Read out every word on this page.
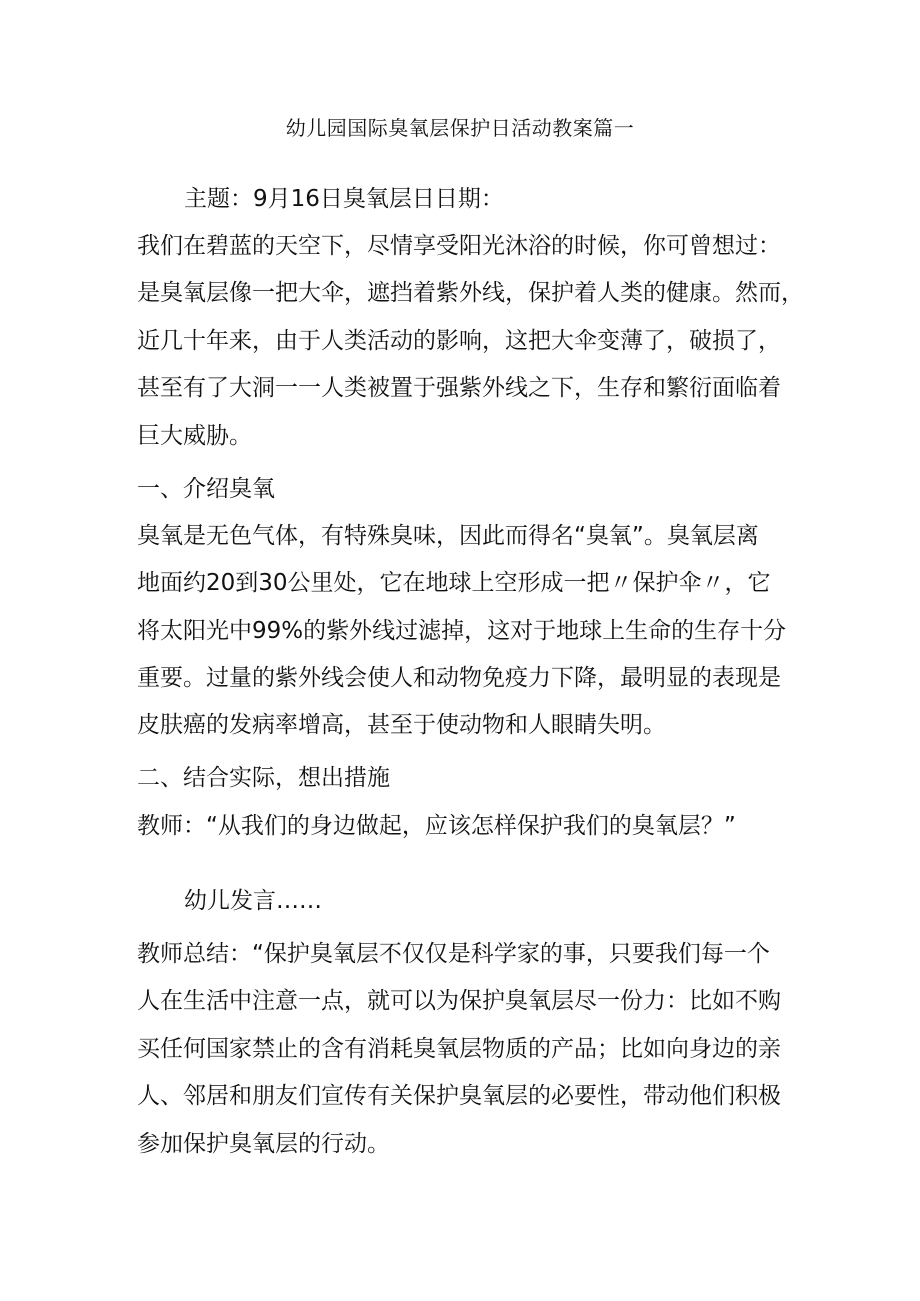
幼儿园国际臭氧层保护日活动教案篇一
主题：9月16日臭氧层日日期：
我们在碧蓝的天空下，尽情享受阳光沐浴的时候，你可曾想过：
是臭氧层像一把大伞，遮挡着紫外线，保护着人类的健康。然而，
近几十年来，由于人类活动的影响，这把大伞变薄了，破损了，
甚至有了大洞一一人类被置于强紫外线之下，生存和繁衍面临着
巨大威胁。
一、介绍臭氧
臭氧是无色气体，有特殊臭味，因此而得名“臭氧”。臭氧层离
地面约20到30公里处，它在地球上空形成一把〃保护伞〃，它
将太阳光中99%的紫外线过滤掉，这对于地球上生命的生存十分
重要。过量的紫外线会使人和动物免疫力下降，最明显的表现是
皮肤癌的发病率增高，甚至于使动物和人眼睛失明。
二、结合实际，想出措施
教师：“从我们的身边做起，应该怎样保护我们的臭氧层？”
幼儿发言……
教师总结：“保护臭氧层不仅仅是科学家的事，只要我们每一个
人在生活中注意一点，就可以为保护臭氧层尽一份力：比如不购
买任何国家禁止的含有消耗臭氧层物质的产品；比如向身边的亲
人、邻居和朋友们宣传有关保护臭氧层的必要性，带动他们积极
参加保护臭氧层的行动。
